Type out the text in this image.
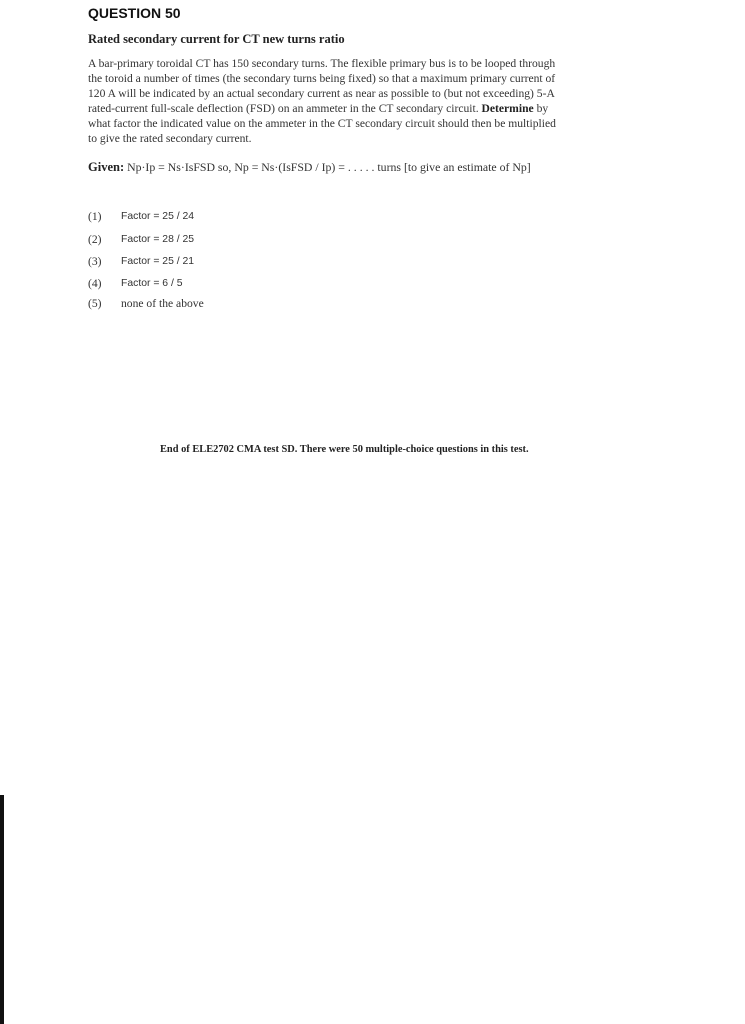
QUESTION 50
Rated secondary current for CT new turns ratio
A bar-primary toroidal CT has 150 secondary turns. The flexible primary bus is to be looped through the toroid a number of times (the secondary turns being fixed) so that a maximum primary current of 120 A will be indicated by an actual secondary current as near as possible to (but not exceeding) 5-A rated-current full-scale deflection (FSD) on an ammeter in the CT secondary circuit. Determine by what factor the indicated value on the ammeter in the CT secondary circuit should then be multiplied to give the rated secondary current.
Given: Np·Ip = Ns·IsFSD so, Np = Ns·(IsFSD / Ip) = . . . . . turns [to give an estimate of Np]
(1)	Factor = 25 / 24
(2)	Factor = 28 / 25
(3)	Factor = 25 / 21
(4)	Factor = 6 / 5
(5)	none of the above
End of ELE2702 CMA test SD. There were 50 multiple-choice questions in this test.
